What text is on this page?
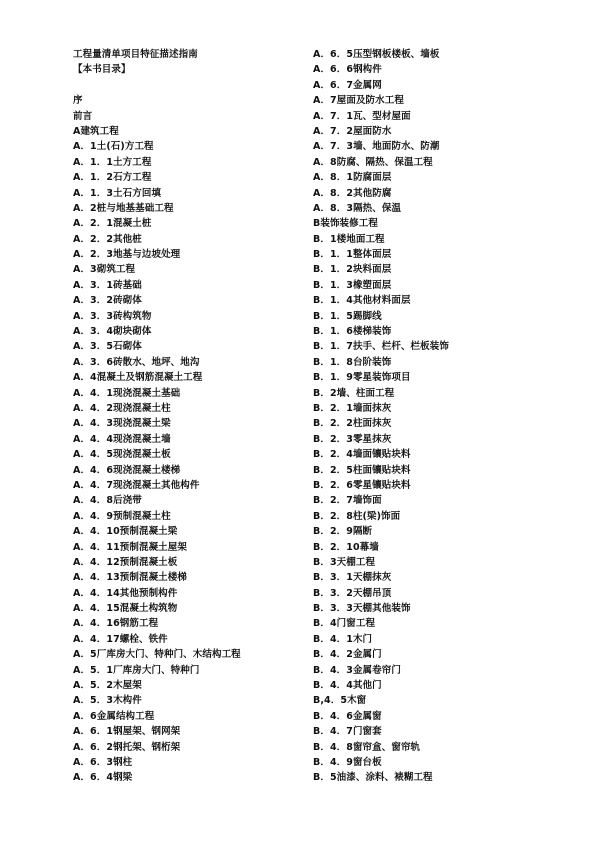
工程量清单项目特征描述指南
【本书目录】
序
前言
A建筑工程
A．1土(石)方工程
A．1．1土方工程
A．1．2石方工程
A．1．3土石方回填
A．2桩与地基基础工程
A．2．1混凝土桩
A．2．2其他桩
A．2．3地基与边坡处理
A．3砌筑工程
A．3．1砖基础
A．3．2砖砌体
A．3．3砖构筑物
A．3．4砌块砌体
A．3．5石砌体
A．3．6砖散水、地坪、地沟
A．4混凝土及钢筋混凝土工程
A．4．1现浇混凝土基础
A．4．2现浇混凝土柱
A．4．3现浇混凝土梁
A．4．4现浇混凝土墙
A．4．5现浇混凝土板
A．4．6现浇混凝土楼梯
A．4．7现浇混凝土其他构件
A．4．8后浇带
A．4．9预制混凝土柱
A．4．10预制混凝土梁
A．4．11预制混凝土屋架
A．4．12预制混凝土板
A．4．13预制混凝土楼梯
A．4．14其他预制构件
A．4．15混凝土构筑物
A．4．16钢筋工程
A．4．17螺栓、铁件
A．5厂库房大门、特种门、木结构工程
A．5．1厂库房大门、特种门
A．5．2木屋架
A．5．3木构件
A．6金属结构工程
A．6．1钢屋架、钢网架
A．6．2钢托架、钢桁架
A．6．3钢柱
A．6．4钢梁
A．6．5压型钢板楼板、墙板
A．6．6钢构件
A．6．7金属网
A．7屋面及防水工程
A．7．1瓦、型材屋面
A．7．2屋面防水
A．7．3墙、地面防水、防潮
A．8防腐、隔热、保温工程
A．8．1防腐面层
A．8．2其他防腐
A．8．3隔热、保温
B装饰装修工程
B．1楼地面工程
B．1．1整体面层
B．1．2块料面层
B．1．3橡塑面层
B．1．4其他材料面层
B．1．5踢脚线
B．1．6楼梯装饰
B．1．7扶手、栏杆、栏板装饰
B．1．8台阶装饰
B．1．9零星装饰项目
B．2墙、柱面工程
B．2．1墙面抹灰
B．2．2柱面抹灰
B．2．3零星抹灰
B．2．4墙面镶贴块料
B．2．5柱面镶贴块料
B．2．6零星镶贴块料
B．2．7墙饰面
B．2．8柱(梁)饰面
B．2．9隔断
B．2．10幕墙
B．3天棚工程
B．3．1天棚抹灰
B．3．2天棚吊顶
B．3．3天棚其他装饰
B．4门窗工程
B．4．1木门
B．4．2金属门
B．4．3金属卷帘门
B．4．4其他门
B,4．5木窗
B．4．6金属窗
B．4．7门窗套
B．4．8窗帘盒、窗帘轨
B．4．9窗台板
B．5油漆、涂料、裱糊工程
